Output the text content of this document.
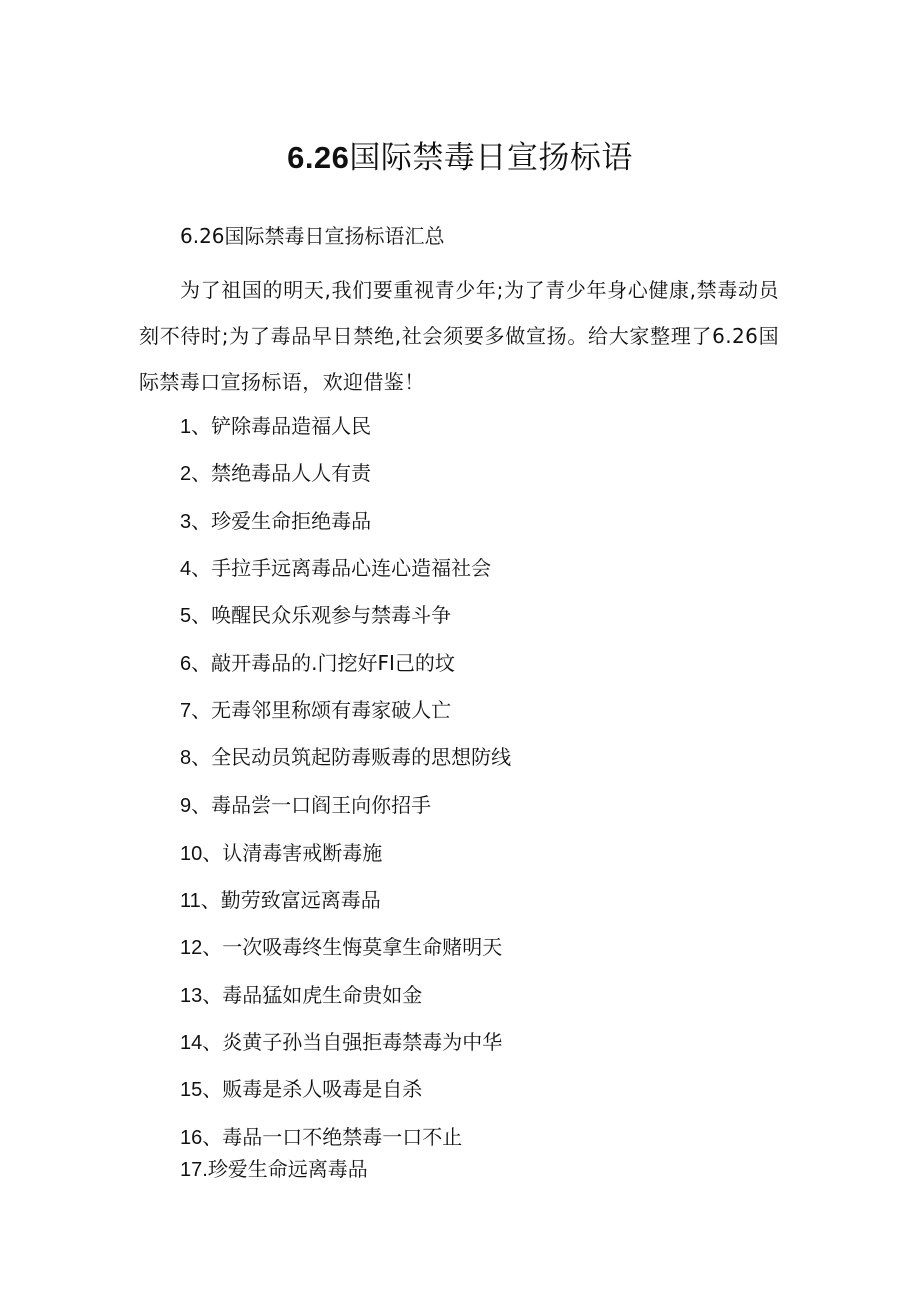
6.26国际禁毒日宣扬标语

6.26国际禁毒日宣扬标语汇总

为了祖国的明天,我们要重视青少年;为了青少年身心健康,禁毒动员刻不待时;为了毒品早日禁绝,社会须要多做宣扬。给大家整理了6.26国际禁毒口宣扬标语，欢迎借鉴！

1、铲除毒品造福人民
2、禁绝毒品人人有责
3、珍爱生命拒绝毒品
4、手拉手远离毒品心连心造福社会
5、唤醒民众乐观参与禁毒斗争
6、敲开毒品的.门挖好FI己的坟
7、无毒邻里称颂有毒家破人亡
8、全民动员筑起防毒贩毒的思想防线
9、毒品尝一口阎王向你招手
10、认清毒害戒断毒施
11、勤劳致富远离毒品
12、一次吸毒终生悔莫拿生命赌明天
13、毒品猛如虎生命贵如金
14、炎黄子孙当自强拒毒禁毒为中华
15、贩毒是杀人吸毒是自杀
16、毒品一口不绝禁毒一口不止
17.珍爱生命远离毒品
